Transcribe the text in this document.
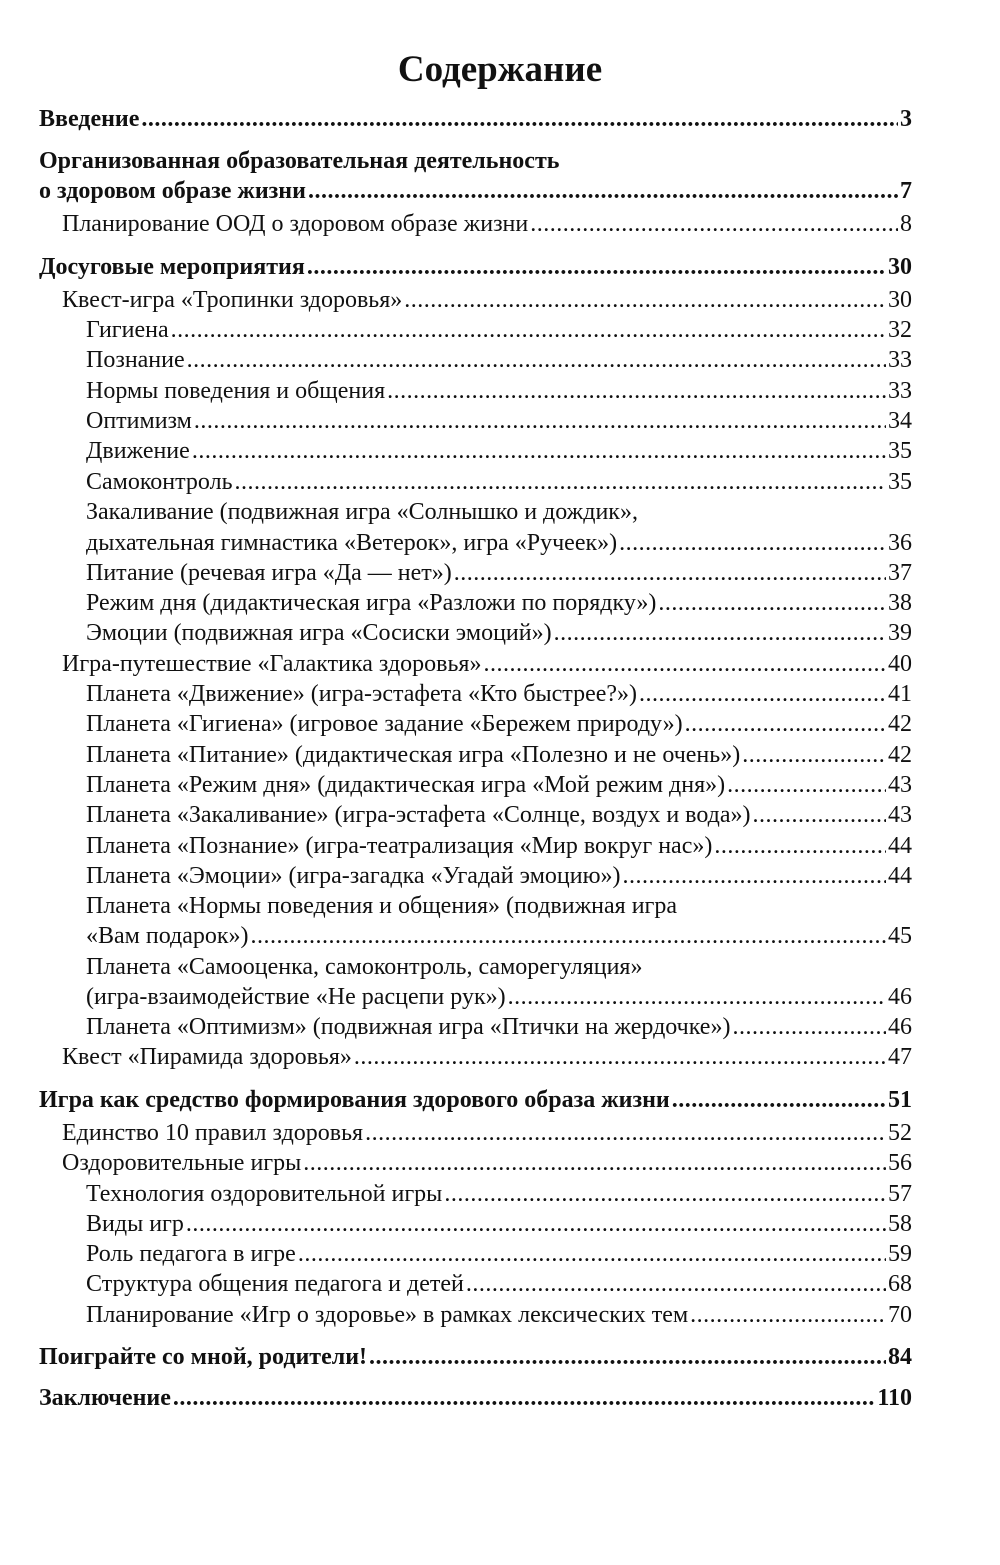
Содержание
Введение .....	3
Организованная образовательная деятельность
о здоровом образе жизни .....	7
Планирование ООД о здоровом образе жизни .....	8
Досуговые мероприятия .....	30
Квест-игра «Тропинки здоровья» .....	30
Гигиена .....	32
Познание .....	33
Нормы поведения и общения .....	33
Оптимизм .....	34
Движение .....	35
Самоконтроль .....	35
Закаливание (подвижная игра «Солнышко и дождик»,
дыхательная гимнастика «Ветерок», игра «Ручеек») .....	36
Питание (речевая игра «Да — нет») .....	37
Режим дня (дидактическая игра «Разложи по порядку») .....	38
Эмоции (подвижная игра «Сосиски эмоций») .....	39
Игра-путешествие «Галактика здоровья» .....	40
Планета «Движение» (игра-эстафета «Кто быстрее?») .....	41
Планета «Гигиена» (игровое задание «Бережем природу») .....	42
Планета «Питание» (дидактическая игра «Полезно и не очень») .....	42
Планета «Режим дня» (дидактическая игра «Мой режим дня») .....	43
Планета «Закаливание» (игра-эстафета «Солнце, воздух и вода») .....	43
Планета «Познание» (игра-театрализация «Мир вокруг нас») .....	44
Планета «Эмоции» (игра-загадка «Угадай эмоцию») .....	44
Планета «Нормы поведения и общения» (подвижная игра
«Вам подарок») .....	45
Планета «Самооценка, самоконтроль, саморегуляция»
(игра-взаимодействие «Не расцепи рук») .....	46
Планета «Оптимизм» (подвижная игра «Птички на жердочке») .....	46
Квест «Пирамида здоровья» .....	47
Игра как средство формирования здорового образа жизни .....	51
Единство 10 правил здоровья .....	52
Оздоровительные игры .....	56
Технология оздоровительной игры .....	57
Виды игр .....	58
Роль педагога в игре .....	59
Структура общения педагога и детей .....	68
Планирование «Игр о здоровье» в рамках лексических тем .....	70
Поиграйте со мной, родители! .....	84
Заключение .....	110
